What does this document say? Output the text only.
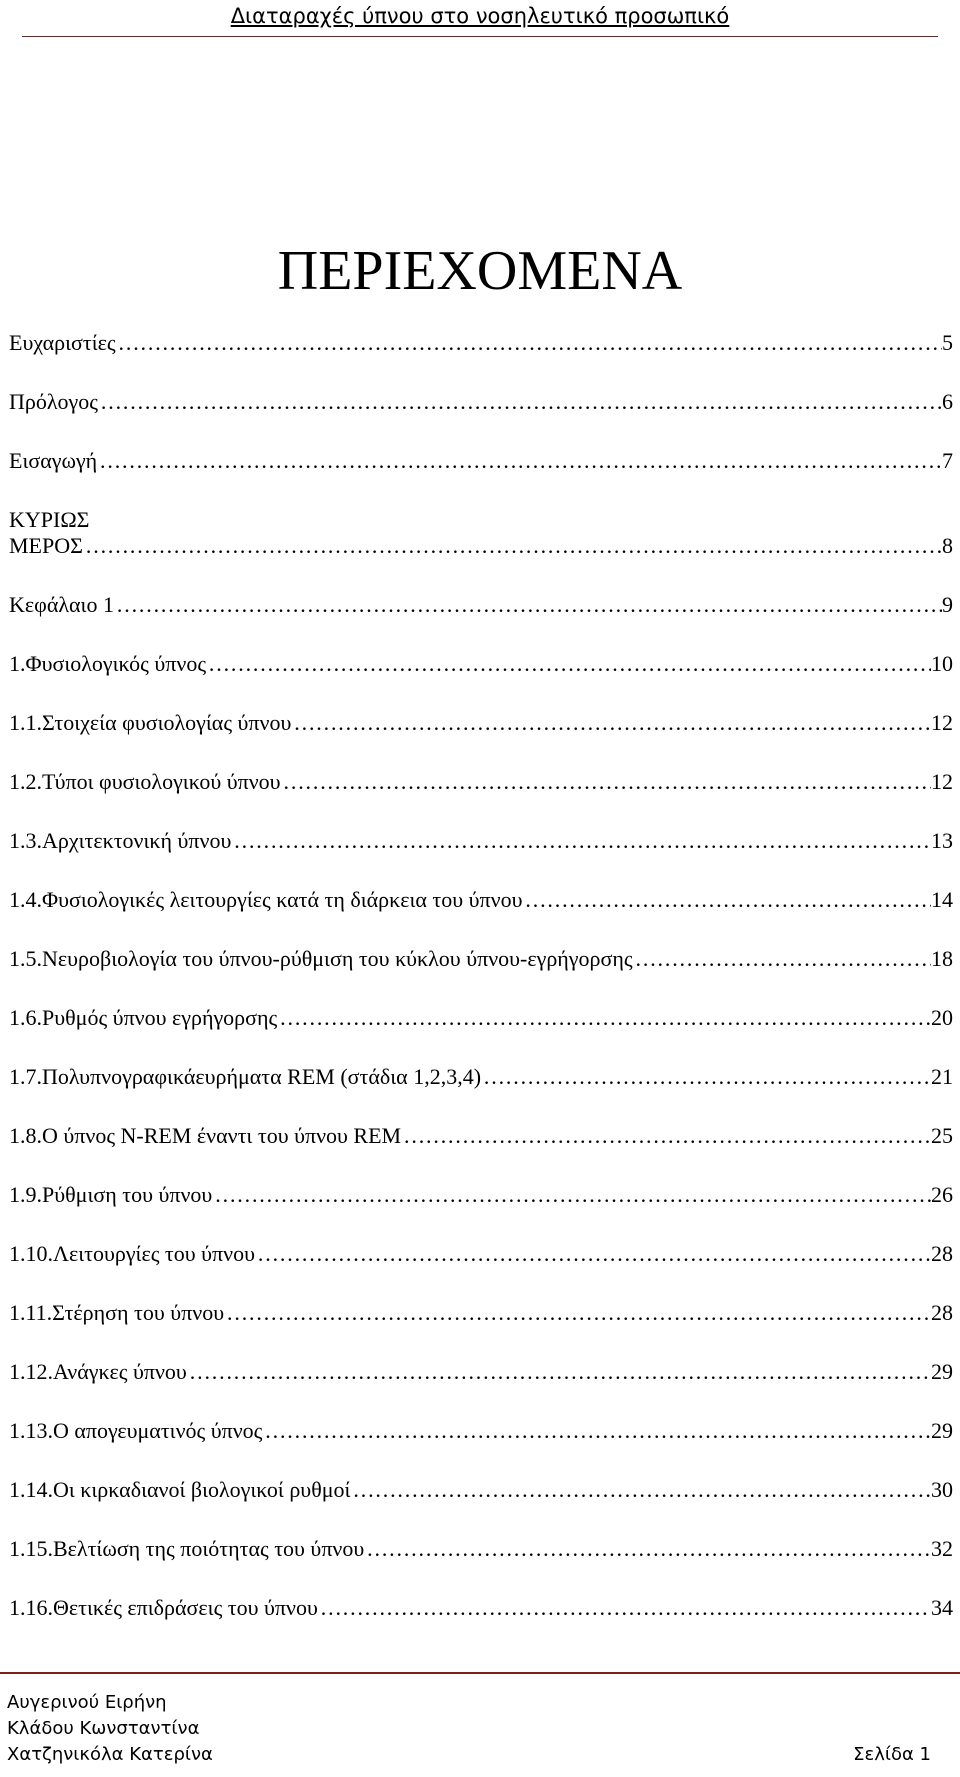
Διαταραχές ύπνου στο νοσηλευτικό προσωπικό
ΠΕΡΙΕΧΟΜΕΝΑ
Ευχαριστίες …………………………………………………………………………………………………………………………………………………………………………	5
Πρόλογος …………………………………………………………………………………………………………………………………………………………………………	6
Εισαγωγή …………………………………………………………………………………………………………………………………………………………………………	7
ΚΥΡΙΩΣ
ΜΕΡΟΣ …………………………………………………………………………………………………………………………………………………………………………	8
Κεφάλαιο 1 …………………………………………………………………………………………………………………………………………………………………………	9
1.Φυσιολογικός ύπνος …………………………………………………………………………………………………………………………………………………………………………	10
1.1.Στοιχεία φυσιολογίας ύπνου …………………………………………………………………………………………………………………………………………………………………………	12
1.2.Τύποι φυσιολογικού ύπνου …………………………………………………………………………………………………………………………………………………………………………	12
1.3.Αρχιτεκτονική ύπνου …………………………………………………………………………………………………………………………………………………………………………	13
1.4.Φυσιολογικές λειτουργίες κατά τη διάρκεια του ύπνου …………………………………………………………………………………………………………………………………………………………………………	14
1.5.Νευροβιολογία του ύπνου-ρύθμιση του κύκλου ύπνου-εγρήγορσης …………………………………………………………………………………………………………………………………………………………………………	18
1.6.Ρυθμός ύπνου εγρήγορσης …………………………………………………………………………………………………………………………………………………………………………	20
1.7.Πολυπνογραφικάευρήματα REM (στάδια 1,2,3,4) …………………………………………………………………………………………………………………………………………………………………………	21
1.8.Ο ύπνος N-REM έναντι του ύπνου REM …………………………………………………………………………………………………………………………………………………………………………	25
1.9.Ρύθμιση του ύπνου …………………………………………………………………………………………………………………………………………………………………………	26
1.10.Λειτουργίες του ύπνου …………………………………………………………………………………………………………………………………………………………………………	28
1.11.Στέρηση του ύπνου …………………………………………………………………………………………………………………………………………………………………………	28
1.12.Ανάγκες ύπνου …………………………………………………………………………………………………………………………………………………………………………	29
1.13.Ο απογευματινός ύπνος …………………………………………………………………………………………………………………………………………………………………………	29
1.14.Οι κιρκαδιανοί βιολογικοί ρυθμοί …………………………………………………………………………………………………………………………………………………………………………	30
1.15.Βελτίωση της ποιότητας του ύπνου …………………………………………………………………………………………………………………………………………………………………………	32
1.16.Θετικές επιδράσεις του ύπνου …………………………………………………………………………………………………………………………………………………………………………	34
Αυγερινού Ειρήνη
Κλάδου Κωνσταντίνα
Χατζηνικόλα Κατερίνα	Σελίδα 1
